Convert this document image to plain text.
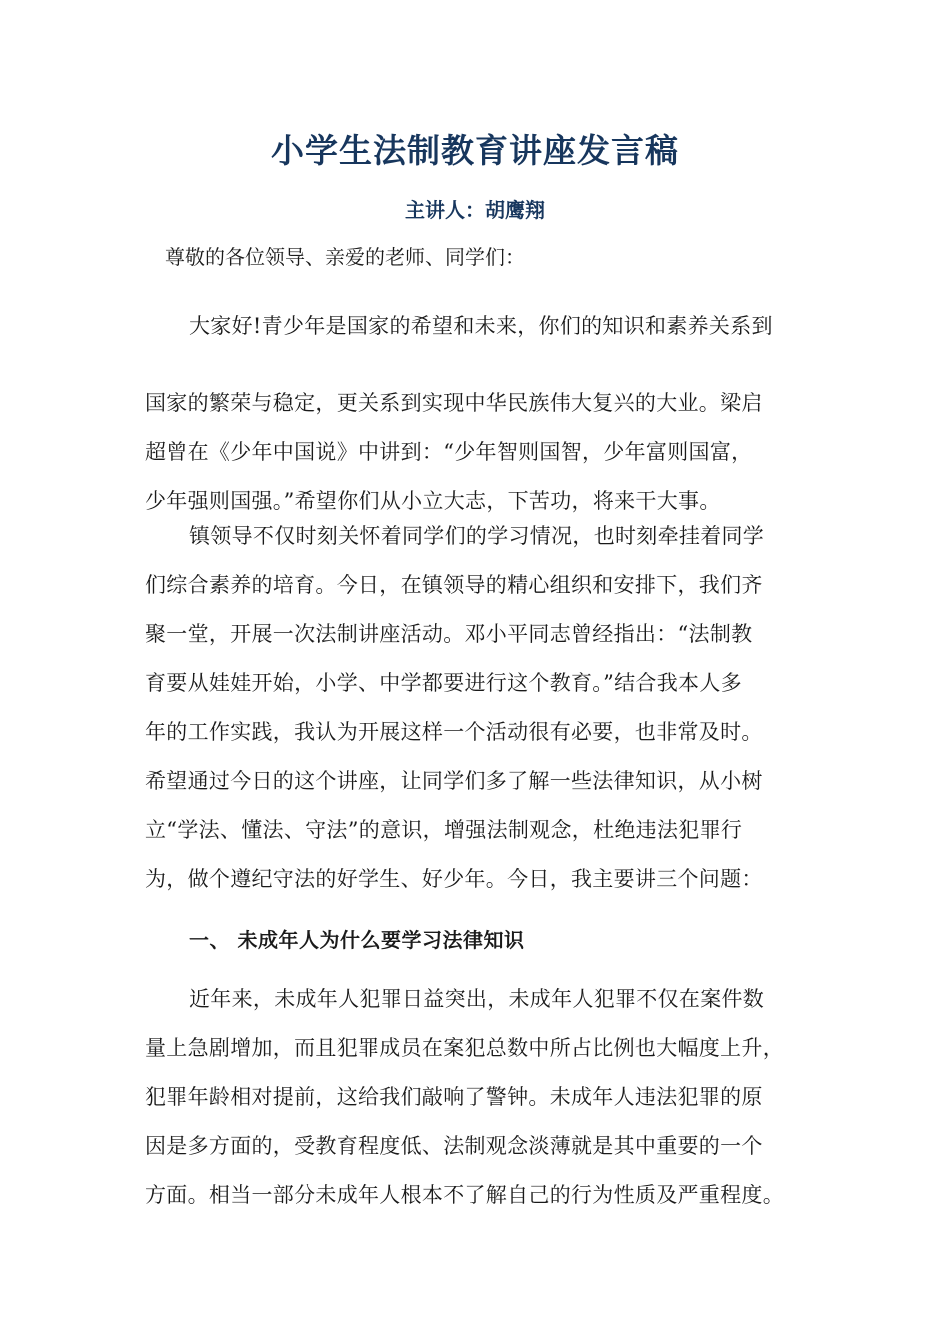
小学生法制教育讲座发言稿

主讲人：胡鹰翔

尊敬的各位领导、亲爱的老师、同学们：

大家好!青少年是国家的希望和未来，你们的知识和素养关系到
国家的繁荣与稳定，更关系到实现中华民族伟大复兴的大业。梁启
超曾在《少年中国说》中讲到：“少年智则国智，少年富则国富，
少年强则国强。”希望你们从小立大志，下苦功，将来干大事。
镇领导不仅时刻关怀着同学们的学习情况，也时刻牵挂着同学
们综合素养的培育。今日，在镇领导的精心组织和安排下，我们齐
聚一堂，开展一次法制讲座活动。邓小平同志曾经指出：“法制教
育要从娃娃开始，小学、中学都要进行这个教育。”结合我本人多
年的工作实践，我认为开展这样一个活动很有必要，也非常及时。
希望通过今日的这个讲座，让同学们多了解一些法律知识，从小树
立“学法、懂法、守法”的意识，增强法制观念，杜绝违法犯罪行
为，做个遵纪守法的好学生、好少年。今日，我主要讲三个问题：

一、 未成年人为什么要学习法律知识

近年来，未成年人犯罪日益突出，未成年人犯罪不仅在案件数
量上急剧增加，而且犯罪成员在案犯总数中所占比例也大幅度上升，
犯罪年龄相对提前，这给我们敲响了警钟。未成年人违法犯罪的原
因是多方面的，受教育程度低、法制观念淡薄就是其中重要的一个
方面。相当一部分未成年人根本不了解自己的行为性质及严重程度。
